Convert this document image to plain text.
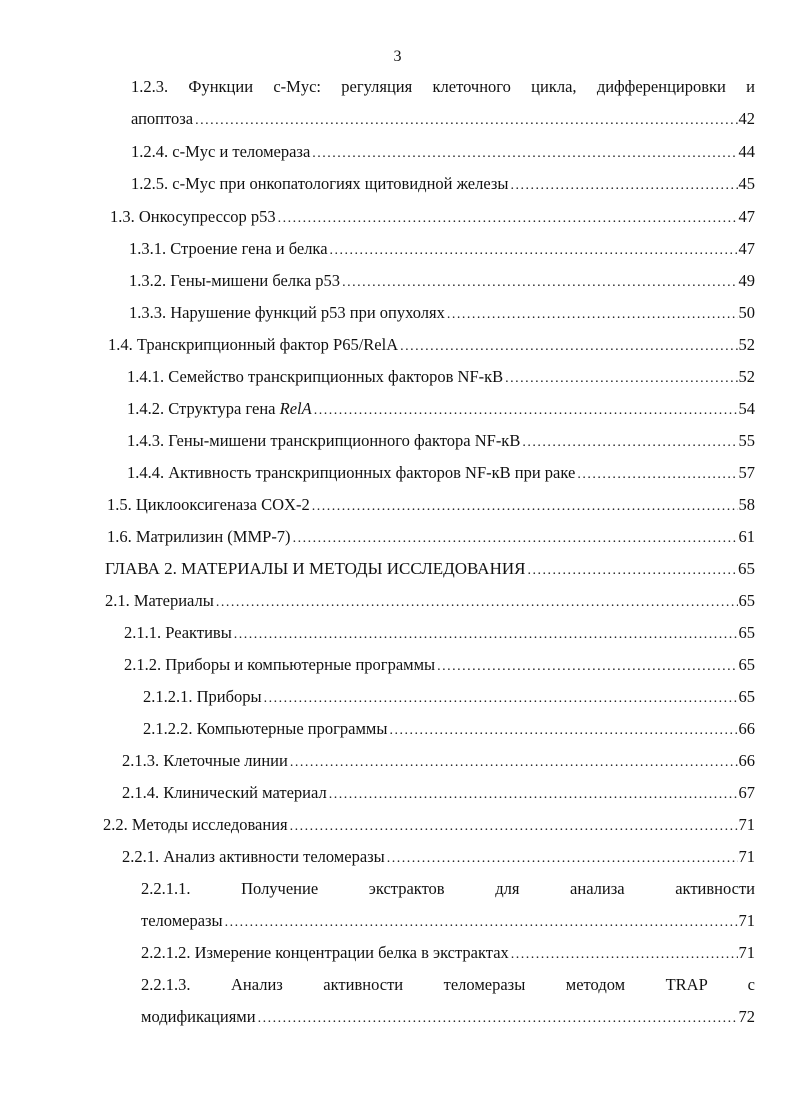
3
1.2.3. Функции c-Myc: регуляция клеточного цикла, дифференцировки и
апоптоза .....	42
1.2.4. c-Myc и теломераза .....	44
1.2.5. c-Myc при онкопатологиях щитовидной железы .....	45
1.3. Онкосупрессор p53 .....	47
1.3.1. Строение гена и белка .....	47
1.3.2. Гены-мишени белка p53 .....	49
1.3.3. Нарушение функций p53 при опухолях .....	50
1.4. Транскрипционный фактор P65/RelA .....	52
1.4.1. Семейство транскрипционных факторов NF-кB .....	52
1.4.2. Структура гена RelA .....	54
1.4.3. Гены-мишени транскрипционного фактора NF-кB .....	55
1.4.4. Активность транскрипционных факторов NF-кB при раке .....	57
1.5. Циклооксигеназа COX-2 .....	58
1.6. Матрилизин (MMP-7) .....	61
ГЛАВА 2. МАТЕРИАЛЫ И МЕТОДЫ ИССЛЕДОВАНИЯ .....	65
2.1. Материалы .....	65
2.1.1. Реактивы .....	65
2.1.2. Приборы и компьютерные программы .....	65
2.1.2.1. Приборы .....	65
2.1.2.2. Компьютерные программы .....	66
2.1.3. Клеточные линии .....	66
2.1.4. Клинический материал .....	67
2.2. Методы исследования .....	71
2.2.1. Анализ активности теломеразы .....	71
2.2.1.1. Получение экстрактов для анализа активности
теломеразы .....	71
2.2.1.2. Измерение концентрации белка в экстрактах .....	71
2.2.1.3. Анализ активности теломеразы методом TRAP с
модификациями .....	72
